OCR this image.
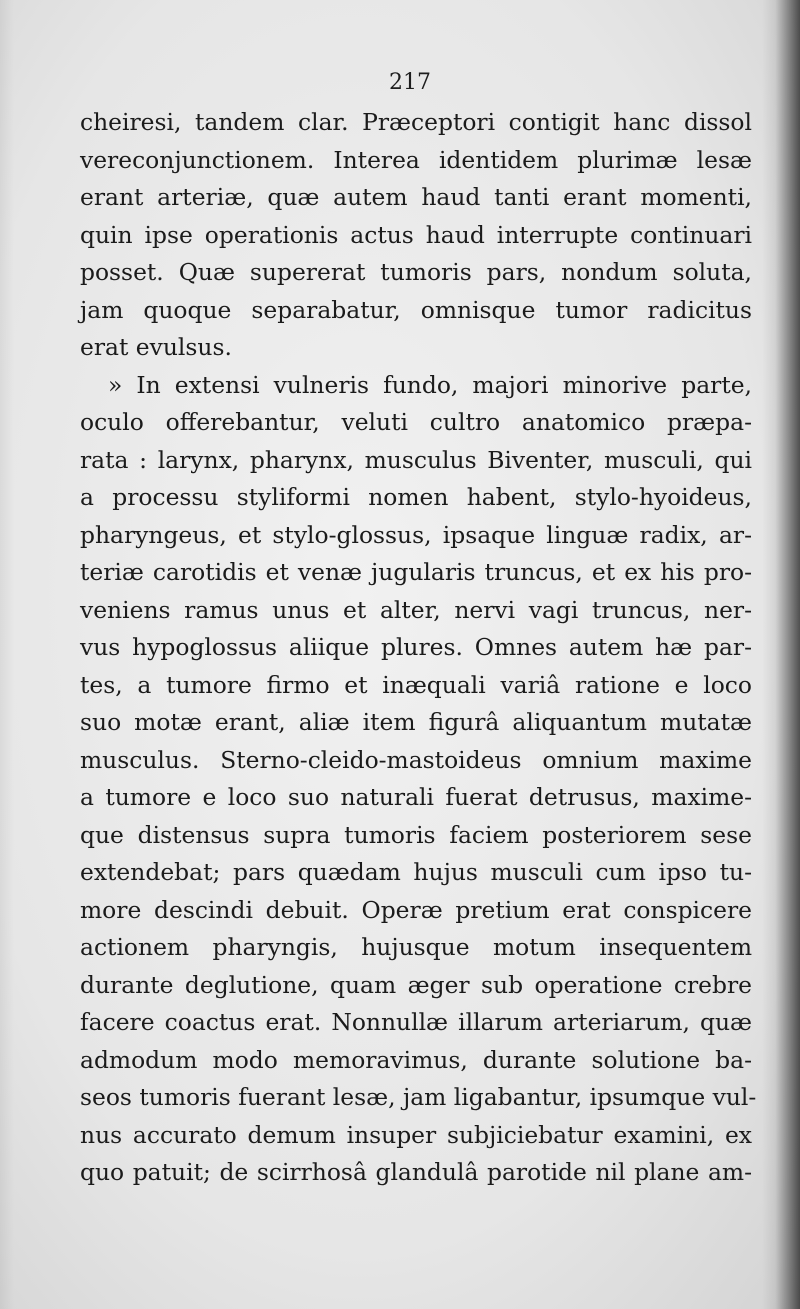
217

cheiresi, tandem clar. Præceptori contigit hanc dissol
vereconjunctionem. Interea identidem plurimæ lesæ
erant arteriæ, quæ autem haud tanti erant momenti,
quin ipse operationis actus haud interrupte continuari
posset. Quæ supererat tumoris pars, nondum soluta,
jam quoque separabatur, omnisque tumor radicitus
erat evulsus.
» In extensi vulneris fundo, majori minorive parte,
oculo offerebantur, veluti cultro anatomico præpa-
rata : larynx, pharynx, musculus Biventer, musculi, qui
a processu styliformi nomen habent, stylo-hyoideus,
pharyngeus, et stylo-glossus, ipsaque linguæ radix, ar-
teriæ carotidis et venæ jugularis truncus, et ex his pro-
veniens ramus unus et alter, nervi vagi truncus, ner-
vus hypoglossus aliique plures. Omnes autem hæ par-
tes, a tumore firmo et inæquali variâ ratione e loco
suo motæ erant, aliæ item figurâ aliquantum mutatæ
musculus. Sterno-cleido-mastoideus omnium maxime
a tumore e loco suo naturali fuerat detrusus, maxime-
que distensus supra tumoris faciem posteriorem sese
extendebat; pars quædam hujus musculi cum ipso tu-
more descindi debuit. Operæ pretium erat conspicere
actionem pharyngis, hujusque motum insequentem
durante deglutione, quam æger sub operatione crebre
facere coactus erat. Nonnullæ illarum arteriarum, quæ
admodum modo memoravimus, durante solutione ba-
seos tumoris fuerant lesæ, jam ligabantur, ipsumque vul-
nus accurato demum insuper subjiciebatur examini, ex
quo patuit; de scirrhosâ glandulâ parotide nil plane am-
